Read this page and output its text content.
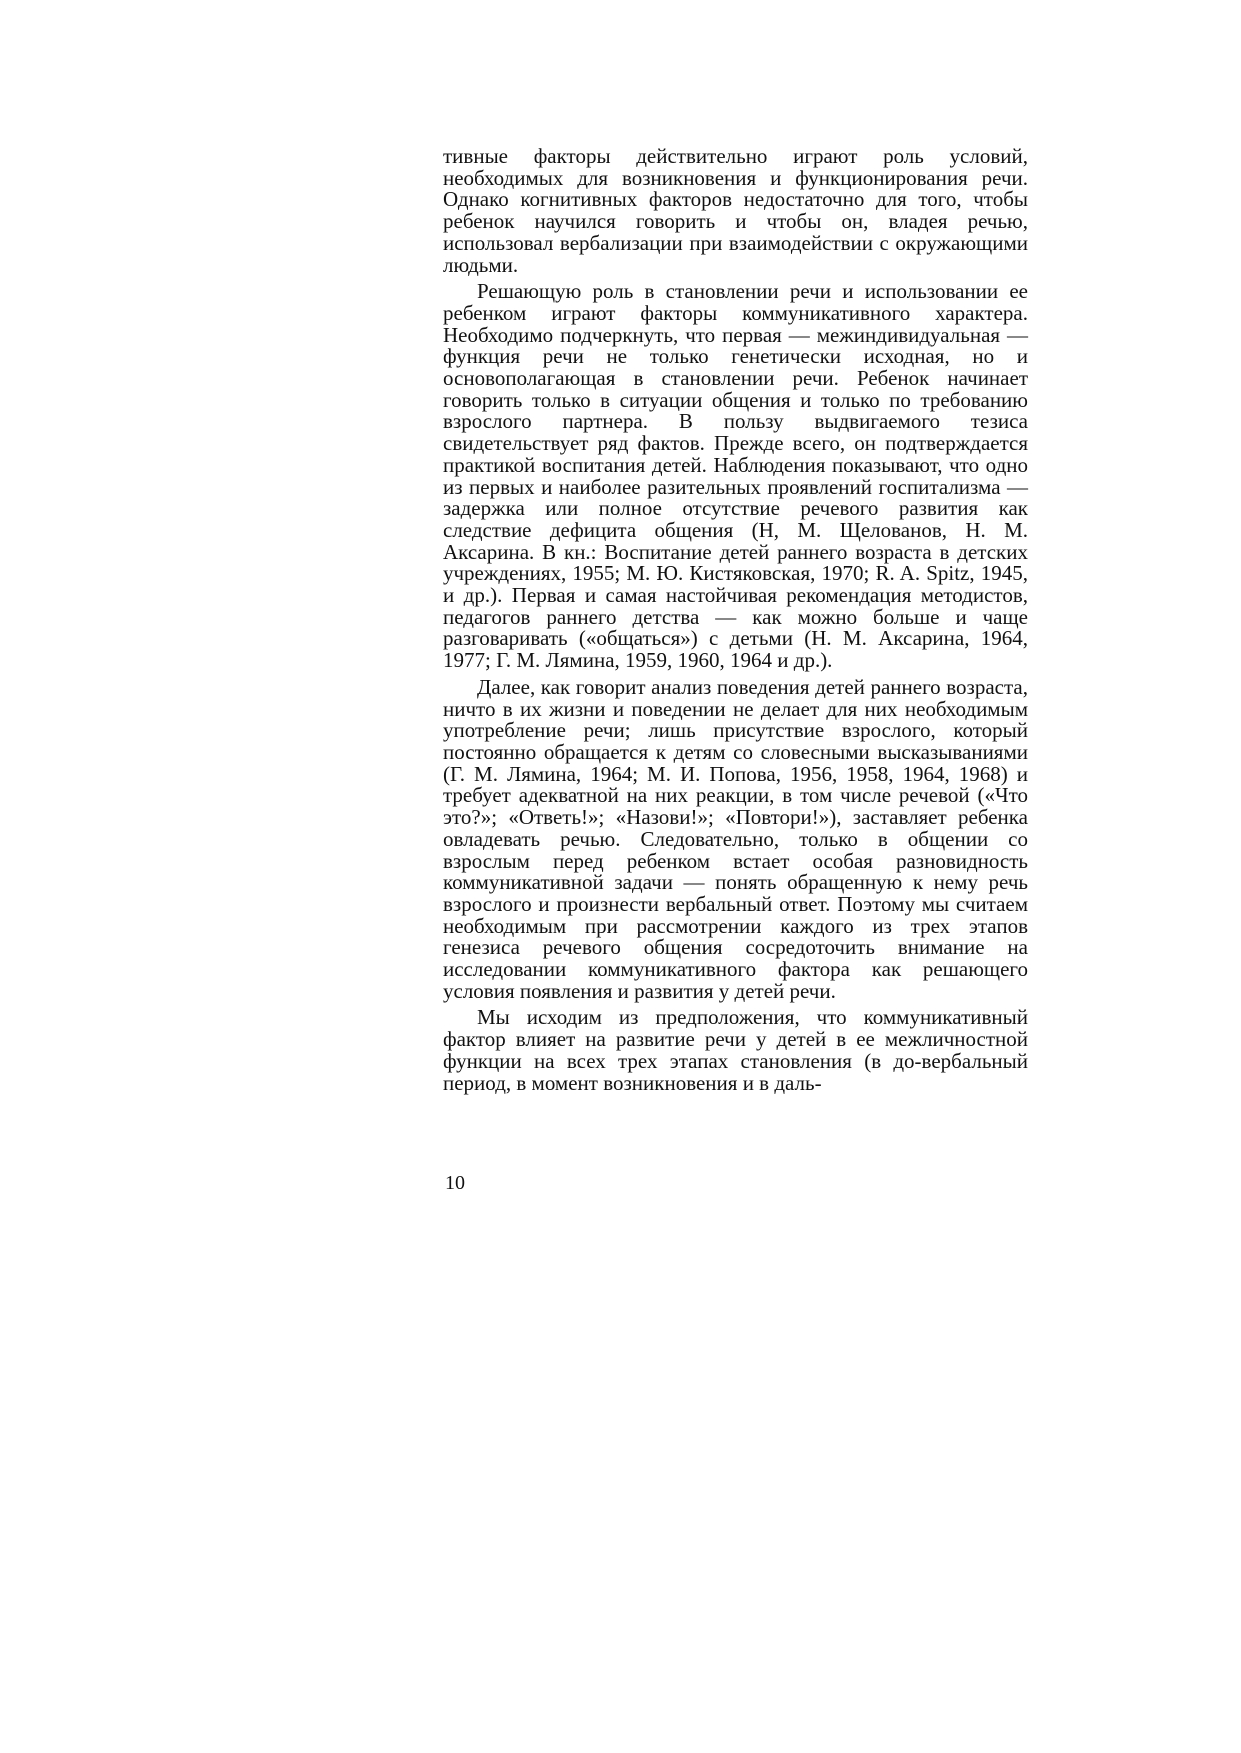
тивные факторы действительно играют роль условий, необходимых для возникновения и функционирования речи. Однако когнитивных факторов недостаточно для того, чтобы ребенок научился говорить и чтобы он, владея речью, использовал вербализации при взаимодействии с окружающими людьми.

Решающую роль в становлении речи и использовании ее ребенком играют факторы коммуникативного характера. Необходимо подчеркнуть, что первая — межиндивидуальная — функция речи не только генетически исходная, но и основополагающая в становлении речи. Ребенок начинает говорить только в ситуации общения и только по требованию взрослого партнера. В пользу выдвигаемого тезиса свидетельствует ряд фактов. Прежде всего, он подтверждается практикой воспитания детей. Наблюдения показывают, что одно из первых и наиболее разительных проявлений госпитализма — задержка или полное отсутствие речевого развития как следствие дефицита общения (Н, М. Щелованов, Н. М. Аксарина. В кн.: Воспитание детей раннего возраста в детских учреждениях, 1955; М. Ю. Кистяковская, 1970; R. A. Spitz, 1945, и др.). Первая и самая настойчивая рекомендация методистов, педагогов раннего детства — как можно больше и чаще разговаривать («общаться») с детьми (Н. М. Аксарина, 1964, 1977; Г. М. Лямина, 1959, 1960, 1964 и др.).

Далее, как говорит анализ поведения детей раннего возраста, ничто в их жизни и поведении не делает для них необходимым употребление речи; лишь присутствие взрослого, который постоянно обращается к детям со словесными высказываниями (Г. М. Лямина, 1964; М. И. Попова, 1956, 1958, 1964, 1968) и требует адекватной на них реакции, в том числе речевой («Что это?»; «Ответь!»; «Назови!»; «Повтори!»), заставляет ребенка овладевать речью. Следовательно, только в общении со взрослым перед ребенком встает особая разновидность коммуникативной задачи — понять обращенную к нему речь взрослого и произнести вербальный ответ. Поэтому мы считаем необходимым при рассмотрении каждого из трех этапов генезиса речевого общения сосредоточить внимание на исследовании коммуникативного фактора как решающего условия появления и развития у детей речи.

Мы исходим из предположения, что коммуникативный фактор влияет на развитие речи у детей в ее межличностной функции на всех трех этапах становления (в до-вербальный период, в момент возникновения и в даль-

10
